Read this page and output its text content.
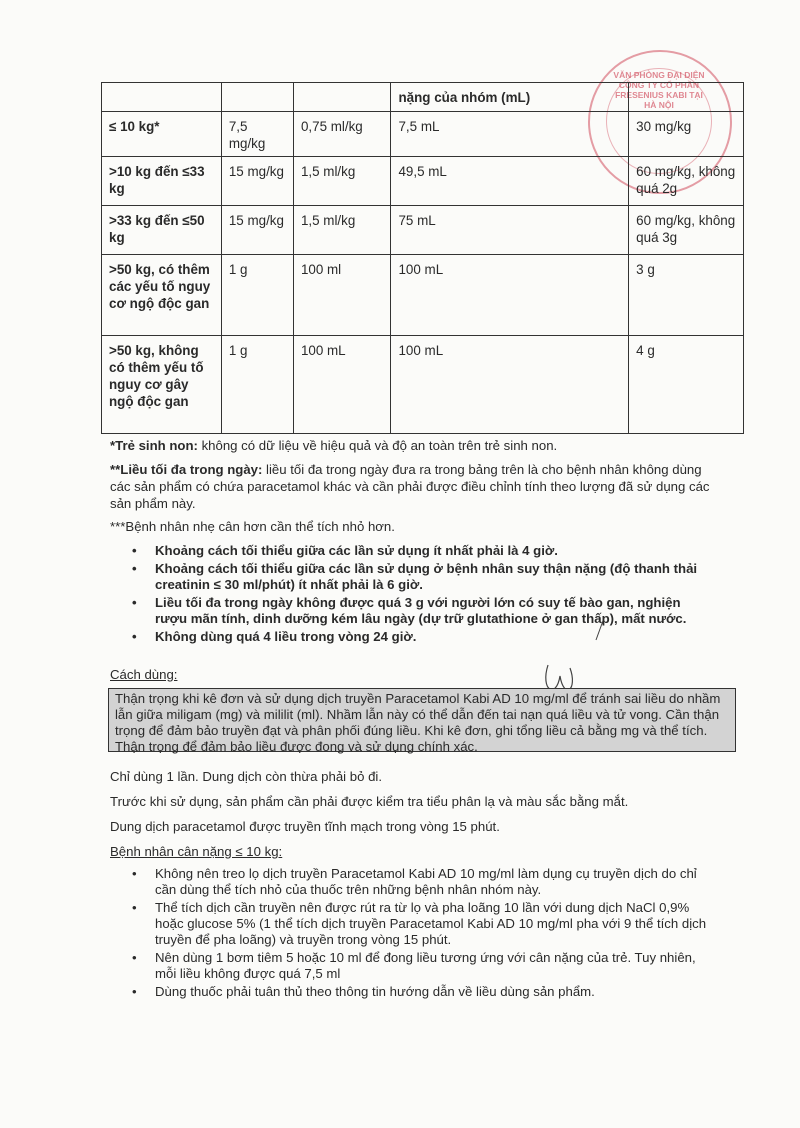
VĂN PHÒNG ĐẠI DIỆN CÔNG TY CỔ PHẦN FRESENIUS KABI TẠI HÀ NỘI
			nặng của nhóm (mL)	
≤ 10 kg*	7,5 mg/kg	0,75 ml/kg	7,5 mL	30 mg/kg
>10 kg đến ≤33 kg	15 mg/kg	1,5 ml/kg	49,5 mL	60 mg/kg, không quá 2g
>33 kg đến ≤50 kg	15 mg/kg	1,5 ml/kg	75 mL	60 mg/kg, không quá 3g
>50 kg, có thêm các yếu tố nguy cơ ngộ độc gan	1 g	100 ml	100 mL	3 g
>50 kg, không có thêm yếu tố nguy cơ gây ngộ độc gan	1 g	100 mL	100 mL	4 g
*Trẻ sinh non: không có dữ liệu về hiệu quả và độ an toàn trên trẻ sinh non.
**Liều tối đa trong ngày: liều tối đa trong ngày đưa ra trong bảng trên là cho bệnh nhân không dùng các sản phẩm có chứa paracetamol khác và cần phải được điều chỉnh tính theo lượng đã sử dụng các sản phẩm này.
***Bệnh nhân nhẹ cân hơn cần thể tích nhỏ hơn.
• Khoảng cách tối thiểu giữa các lần sử dụng ít nhất phải là 4 giờ.
• Khoảng cách tối thiểu giữa các lần sử dụng ở bệnh nhân suy thận nặng (độ thanh thải creatinin ≤ 30 ml/phút) ít nhất phải là 6 giờ.
• Liều tối đa trong ngày không được quá 3 g với người lớn có suy tế bào gan, nghiện rượu mãn tính, dinh dưỡng kém lâu ngày (dự trữ glutathione ở gan thấp), mất nước.
• Không dùng quá 4 liều trong vòng 24 giờ.
Cách dùng:
Thận trọng khi kê đơn và sử dụng dịch truyền Paracetamol Kabi AD 10 mg/ml để tránh sai liều do nhầm lẫn giữa miligam (mg) và mililit (ml). Nhầm lẫn này có thể dẫn đến tai nạn quá liều và tử vong. Cần thận trọng để đảm bảo truyền đạt và phân phối đúng liều. Khi kê đơn, ghi tổng liều cả bằng mg và thể tích. Thận trọng để đảm bảo liều được đong và sử dụng chính xác.
Chỉ dùng 1 lần. Dung dịch còn thừa phải bỏ đi.
Trước khi sử dụng, sản phẩm cần phải được kiểm tra tiểu phân lạ và màu sắc bằng mắt.
Dung dịch paracetamol được truyền tĩnh mạch trong vòng 15 phút.
Bệnh nhân cân nặng ≤ 10 kg:
• Không nên treo lọ dịch truyền Paracetamol Kabi AD 10 mg/ml làm dụng cụ truyền dịch do chỉ cần dùng thể tích nhỏ của thuốc trên những bệnh nhân nhóm này.
• Thể tích dịch cần truyền nên được rút ra từ lọ và pha loãng 10 lần với dung dịch NaCl 0,9% hoặc glucose 5% (1 thể tích dịch truyền Paracetamol Kabi AD 10 mg/ml pha với 9 thể tích dịch truyền để pha loãng) và truyền trong vòng 15 phút.
• Nên dùng 1 bơm tiêm 5 hoặc 10 ml để đong liều tương ứng với cân nặng của trẻ. Tuy nhiên, mỗi liều không được quá 7,5 ml
• Dùng thuốc phải tuân thủ theo thông tin hướng dẫn về liều dùng sản phẩm.
